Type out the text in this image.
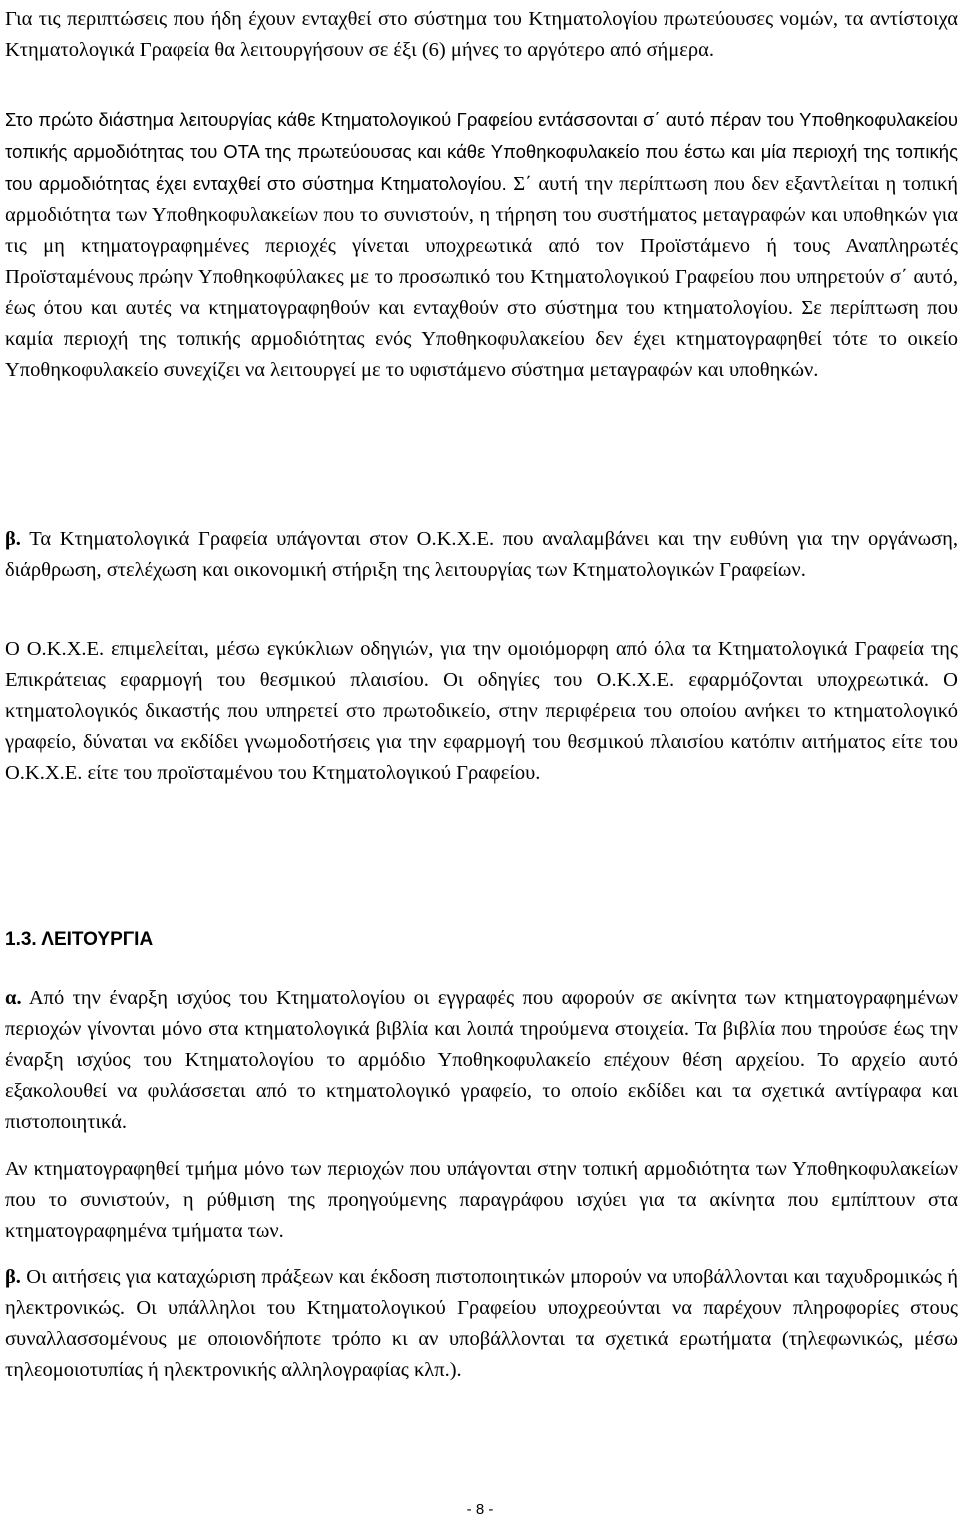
Για τις περιπτώσεις που ήδη έχουν ενταχθεί στο σύστημα του Κτηματολογίου πρωτεύουσες νομών, τα αντίστοιχα Κτηματολογικά Γραφεία θα λειτουργήσουν σε έξι (6) μήνες το αργότερο από σήμερα.

Στο πρώτο διάστημα λειτουργίας κάθε Κτηματολογικού Γραφείου εντάσσονται σ΄ αυτό πέραν του Υποθηκοφυλακείου τοπικής αρμοδιότητας του ΟΤΑ της πρωτεύουσας και κάθε Υποθηκοφυλακείο που έστω και μία περιοχή της τοπικής του αρμοδιότητας έχει ενταχθεί στο σύστημα Κτηματολογίου. Σ΄ αυτή την περίπτωση που δεν εξαντλείται η τοπική αρμοδιότητα των Υποθηκοφυλακείων που το συνιστούν, η τήρηση του συστήματος μεταγραφών και υποθηκών για τις μη κτηματογραφημένες περιοχές γίνεται υποχρεωτικά από τον Προϊστάμενο ή τους Αναπληρωτές Προϊσταμένους πρώην Υποθηκοφύλακες με το προσωπικό του Κτηματολογικού Γραφείου που υπηρετούν σ΄ αυτό, έως ότου και αυτές να κτηματογραφηθούν και ενταχθούν στο σύστημα του κτηματολογίου. Σε περίπτωση που καμία περιοχή της τοπικής αρμοδιότητας ενός Υποθηκοφυλακείου δεν έχει κτηματογραφηθεί τότε το οικείο Υποθηκοφυλακείο συνεχίζει να λειτουργεί με το υφιστάμενο σύστημα μεταγραφών και υποθηκών.

β. Τα Κτηματολογικά Γραφεία υπάγονται στον Ο.Κ.Χ.Ε. που αναλαμβάνει και την ευθύνη για την οργάνωση, διάρθρωση, στελέχωση και οικονομική στήριξη της λειτουργίας των Κτηματολογικών Γραφείων.

Ο Ο.Κ.Χ.Ε. επιμελείται, μέσω εγκύκλιων οδηγιών, για την ομοιόμορφη από όλα τα Κτηματολογικά Γραφεία της Επικράτειας εφαρμογή του θεσμικού πλαισίου. Οι οδηγίες του Ο.Κ.Χ.Ε. εφαρμόζονται υποχρεωτικά. Ο κτηματολογικός δικαστής που υπηρετεί στο πρωτοδικείο, στην περιφέρεια του οποίου ανήκει το κτηματολογικό γραφείο, δύναται να εκδίδει γνωμοδοτήσεις για την εφαρμογή του θεσμικού πλαισίου κατόπιν αιτήματος είτε του Ο.Κ.Χ.Ε. είτε του προϊσταμένου του Κτηματολογικού Γραφείου.

1.3. ΛΕΙΤΟΥΡΓΙΑ

α. Από την έναρξη ισχύος του Κτηματολογίου οι εγγραφές που αφορούν σε ακίνητα των κτηματογραφημένων περιοχών γίνονται μόνο στα κτηματολογικά βιβλία και λοιπά τηρούμενα στοιχεία. Τα βιβλία που τηρούσε έως την έναρξη ισχύος του Κτηματολογίου το αρμόδιο Υποθηκοφυλακείο επέχουν θέση αρχείου. Το αρχείο αυτό εξακολουθεί να φυλάσσεται από το κτηματολογικό γραφείο, το οποίο εκδίδει και τα σχετικά αντίγραφα και πιστοποιητικά.

Αν κτηματογραφηθεί τμήμα μόνο των περιοχών που υπάγονται στην τοπική αρμοδιότητα των Υποθηκοφυλακείων που το συνιστούν, η ρύθμιση της προηγούμενης παραγράφου ισχύει για τα ακίνητα που εμπίπτουν στα κτηματογραφημένα τμήματα των.

β. Οι αιτήσεις για καταχώριση πράξεων και έκδοση πιστοποιητικών μπορούν να υποβάλλονται και ταχυδρομικώς ή ηλεκτρονικώς. Οι υπάλληλοι του Κτηματολογικού Γραφείου υποχρεούνται να παρέχουν πληροφορίες στους συναλλασσομένους με οποιονδήποτε τρόπο κι αν υποβάλλονται τα σχετικά ερωτήματα (τηλεφωνικώς, μέσω τηλεομοιοτυπίας ή ηλεκτρονικής αλληλογραφίας κλπ.).

- 8 -
